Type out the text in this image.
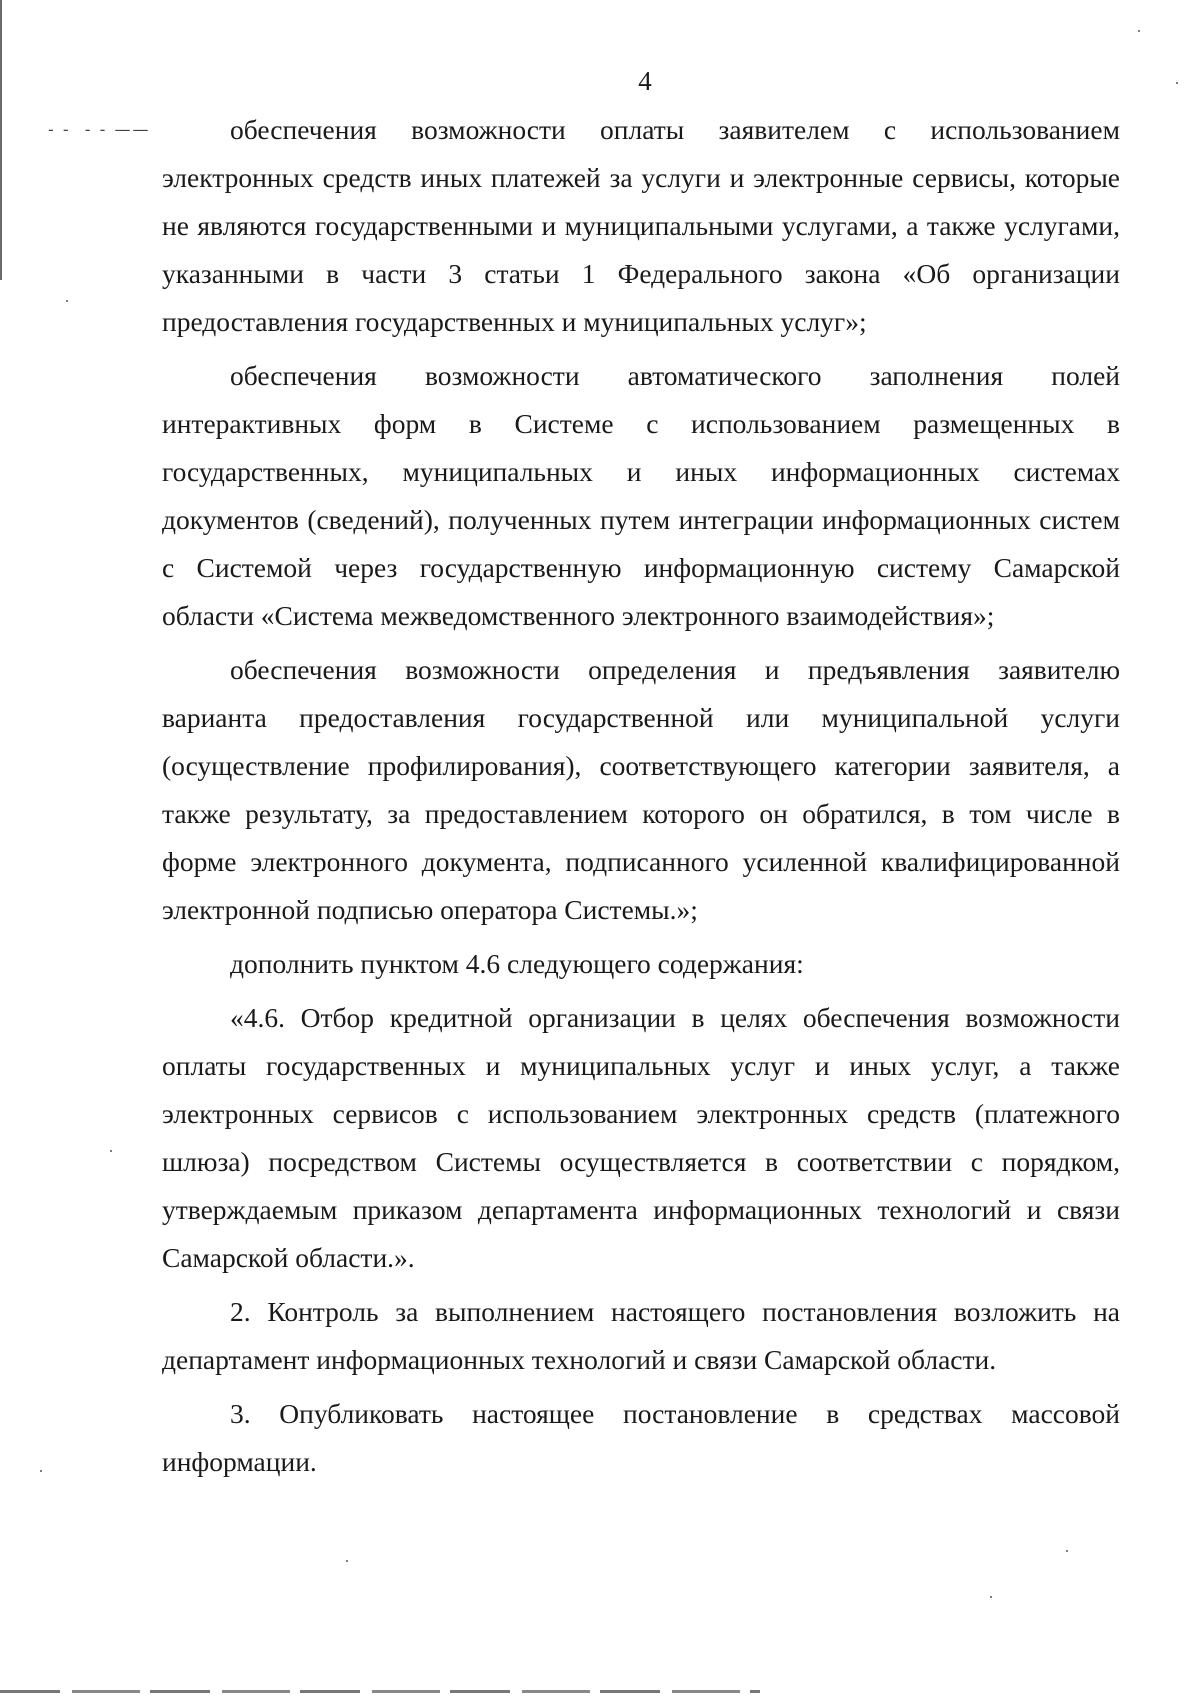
- -  - - ——
4

обеспечения возможности оплаты заявителем с использованием электронных средств иных платежей за услуги и электронные сервисы, которые не являются государственными и муниципальными услугами, а также услугами, указанными в части 3 статьи 1 Федерального закона «Об организации предоставления государственных и муниципальных услуг»;

обеспечения возможности автоматического заполнения полей интерактивных форм в Системе с использованием размещенных в государственных, муниципальных и иных информационных системах документов (сведений), полученных путем интеграции информационных систем с Системой через государственную информационную систему Самарской области «Система межведомственного электронного взаимодействия»;

обеспечения возможности определения и предъявления заявителю варианта предоставления государственной или муниципальной услуги (осуществление профилирования), соответствующего категории заявителя, а также результату, за предоставлением которого он обратился, в том числе в форме электронного документа, подписанного усиленной квалифицированной электронной подписью оператора Системы.»;

дополнить пунктом 4.6 следующего содержания:

«4.6. Отбор кредитной организации в целях обеспечения возможности оплаты государственных и муниципальных услуг и иных услуг, а также электронных сервисов с использованием электронных средств (платежного шлюза) посредством Системы осуществляется в соответствии с порядком, утверждаемым приказом департамента информационных технологий и связи Самарской области.».

2. Контроль за выполнением настоящего постановления возложить на департамент информационных технологий и связи Самарской области.

3. Опубликовать настоящее постановление в средствах массовой информации.
